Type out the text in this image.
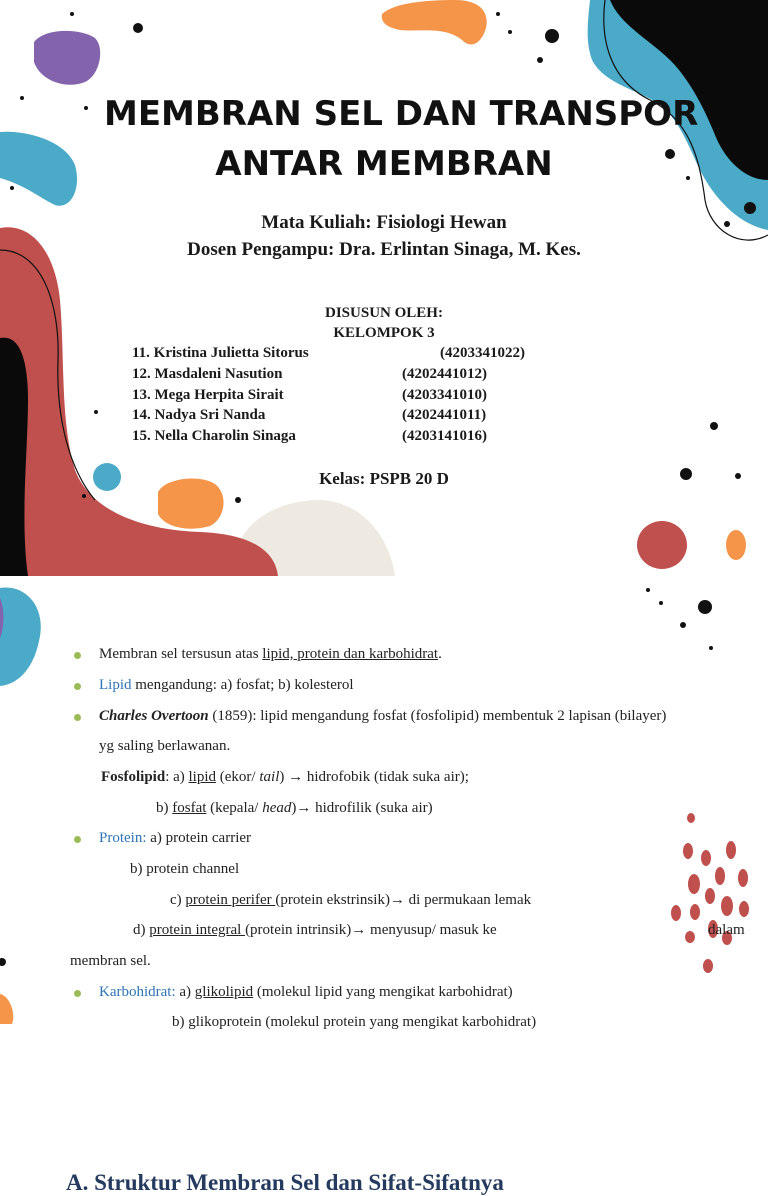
MEMBRAN SEL DAN TRANSPOR
ANTAR MEMBRAN
Mata Kuliah: Fisiologi Hewan
Dosen Pengampu: Dra. Erlintan Sinaga, M. Kes.
DISUSUN OLEH:
KELOMPOK 3
11. Kristina Julietta Sitorus	(4203341022)
12. Masdaleni Nasution	(4202441012)
13. Mega Herpita Sirait	(4203341010)
14. Nadya Sri Nanda	(4202441011)
15. Nella Charolin Sinaga	(4203141016)
Kelas: PSPB 20 D
A. Struktur Membran Sel dan Sifat-Sifatnya
Membran sel tersusun atas lipid, protein dan karbohidrat.
Lipid mengandung: a) fosfat; b) kolesterol
Charles Overtoon (1859): lipid mengandung fosfat (fosfolipid) membentuk 2 lapisan (bilayer)
yg saling berlawanan.
Fosfolipid: a) lipid (ekor/ tail) → hidrofobik (tidak suka air);
b) fosfat (kepala/ head)→ hidrofilik (suka air)
Protein: a) protein carrier
b) protein channel
c) protein perifer (protein ekstrinsik)→ di permukaan lemak
d) protein integral (protein intrinsik)→ menyusup/ masuk ke	dalam
membran sel.
Karbohidrat: a) glikolipid (molekul lipid yang mengikat karbohidrat)
b) glikoprotein (molekul protein yang mengikat karbohidrat)
